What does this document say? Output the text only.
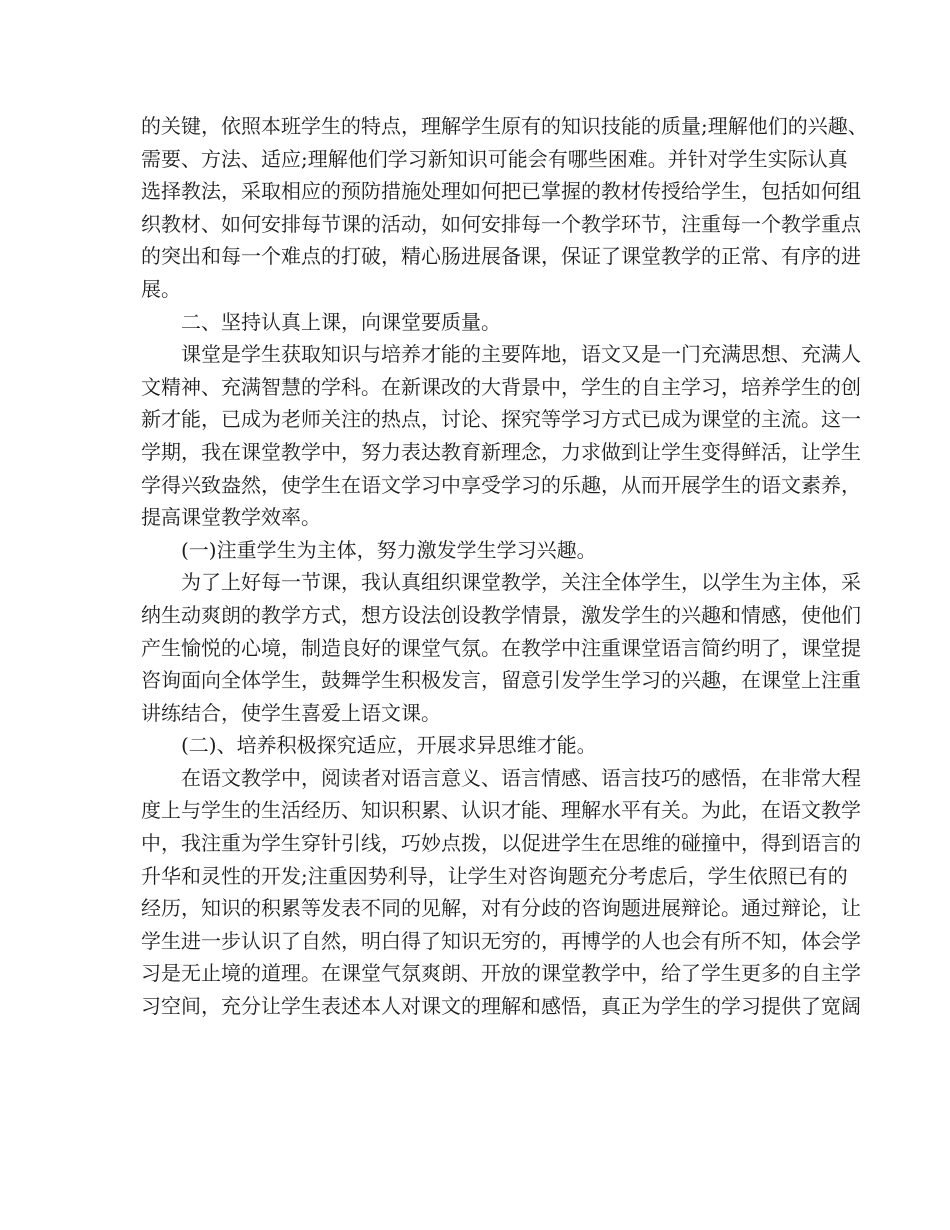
的关键，依照本班学生的特点，理解学生原有的知识技能的质量;理解他们的兴趣、
需要、方法、适应;理解他们学习新知识可能会有哪些困难。并针对学生实际认真
选择教法，采取相应的预防措施处理如何把已掌握的教材传授给学生，包括如何组
织教材、如何安排每节课的活动，如何安排每一个教学环节，注重每一个教学重点
的突出和每一个难点的打破，精心肠进展备课，保证了课堂教学的正常、有序的进
展。
二、坚持认真上课，向课堂要质量。
课堂是学生获取知识与培养才能的主要阵地，语文又是一门充满思想、充满人
文精神、充满智慧的学科。在新课改的大背景中，学生的自主学习，培养学生的创
新才能，已成为老师关注的热点，讨论、探究等学习方式已成为课堂的主流。这一
学期，我在课堂教学中，努力表达教育新理念，力求做到让学生变得鲜活，让学生
学得兴致盎然，使学生在语文学习中享受学习的乐趣，从而开展学生的语文素养，
提高课堂教学效率。
(一)注重学生为主体，努力激发学生学习兴趣。
为了上好每一节课，我认真组织课堂教学，关注全体学生，以学生为主体，采
纳生动爽朗的教学方式，想方设法创设教学情景，激发学生的兴趣和情感，使他们
产生愉悦的心境，制造良好的课堂气氛。在教学中注重课堂语言简约明了，课堂提
咨询面向全体学生，鼓舞学生积极发言，留意引发学生学习的兴趣，在课堂上注重
讲练结合，使学生喜爱上语文课。
(二)、培养积极探究适应，开展求异思维才能。
在语文教学中，阅读者对语言意义、语言情感、语言技巧的感悟，在非常大程
度上与学生的生活经历、知识积累、认识才能、理解水平有关。为此，在语文教学
中，我注重为学生穿针引线，巧妙点拨，以促进学生在思维的碰撞中，得到语言的
升华和灵性的开发;注重因势利导，让学生对咨询题充分考虑后，学生依照已有的
经历，知识的积累等发表不同的见解，对有分歧的咨询题进展辩论。通过辩论，让
学生进一步认识了自然，明白得了知识无穷的，再博学的人也会有所不知，体会学
习是无止境的道理。在课堂气氛爽朗、开放的课堂教学中，给了学生更多的自主学
习空间，充分让学生表述本人对课文的理解和感悟，真正为学生的学习提供了宽阔
